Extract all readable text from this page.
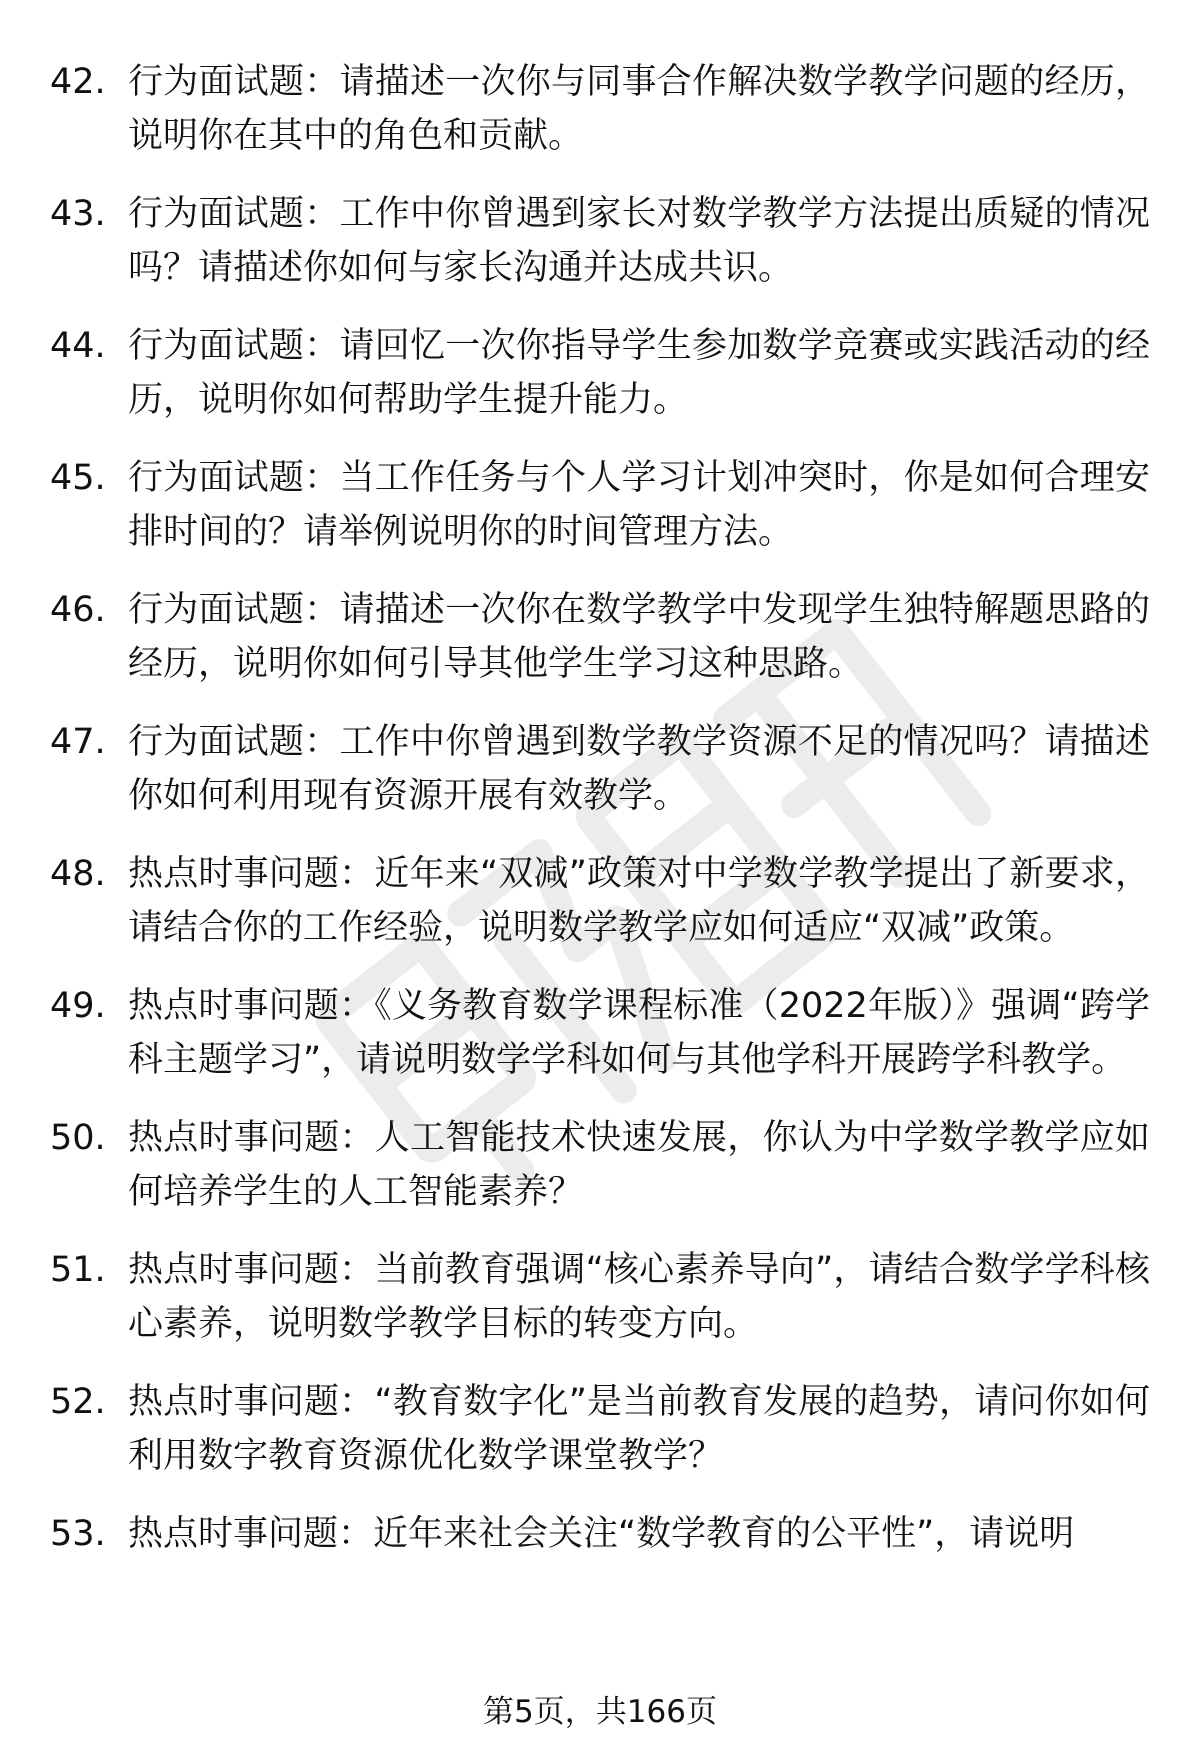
42. 行为面试题：请描述一次你与同事合作解决数学教学问题的经历，说明你在其中的角色和贡献。
43. 行为面试题：工作中你曾遇到家长对数学教学方法提出质疑的情况吗？请描述你如何与家长沟通并达成共识。
44. 行为面试题：请回忆一次你指导学生参加数学竞赛或实践活动的经历，说明你如何帮助学生提升能力。
45. 行为面试题：当工作任务与个人学习计划冲突时，你是如何合理安排时间的？请举例说明你的时间管理方法。
46. 行为面试题：请描述一次你在数学教学中发现学生独特解题思路的经历，说明你如何引导其他学生学习这种思路。
47. 行为面试题：工作中你曾遇到数学教学资源不足的情况吗？请描述你如何利用现有资源开展有效教学。
48. 热点时事问题：近年来“双减”政策对中学数学教学提出了新要求，请结合你的工作经验，说明数学教学应如何适应“双减”政策。
49. 热点时事问题：《义务教育数学课程标准（2022年版）》强调“跨学科主题学习”，请说明数学学科如何与其他学科开展跨学科教学。
50. 热点时事问题：人工智能技术快速发展，你认为中学数学教学应如何培养学生的人工智能素养？
51. 热点时事问题：当前教育强调“核心素养导向”，请结合数学学科核心素养，说明数学教学目标的转变方向。
52. 热点时事问题：“教育数字化”是当前教育发展的趋势，请问你如何利用数字教育资源优化数学课堂教学？
53. 热点时事问题：近年来社会关注“数学教育的公平性”，请说明
第5页，共166页
